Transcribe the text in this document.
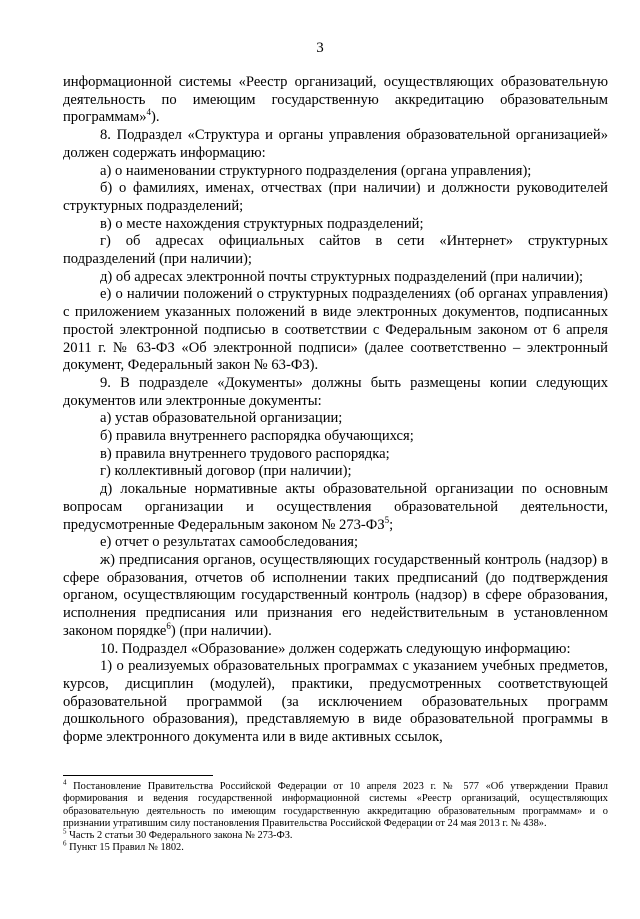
3

информационной системы «Реестр организаций, осуществляющих образовательную деятельность по имеющим государственную аккредитацию образовательным программам»$^4$).

8. Подраздел «Структура и органы управления образовательной организацией» должен содержать информацию:

а) о наименовании структурного подразделения (органа управления);

б) о фамилиях, именах, отчествах (при наличии) и должности руководителей структурных подразделений;

в) о месте нахождения структурных подразделений;

г) об адресах официальных сайтов в сети «Интернет» структурных подразделений (при наличии);

д) об адресах электронной почты структурных подразделений (при наличии);

е) о наличии положений о структурных подразделениях (об органах управления) с приложением указанных положений в виде электронных документов, подписанных простой электронной подписью в соответствии с Федеральным законом от 6 апреля 2011 г. № 63-ФЗ «Об электронной подписи» (далее соответственно – электронный документ, Федеральный закон № 63-ФЗ).

9. В подразделе «Документы» должны быть размещены копии следующих документов или электронные документы:

а) устав образовательной организации;

б) правила внутреннего распорядка обучающихся;

в) правила внутреннего трудового распорядка;

г) коллективный договор (при наличии);

д) локальные нормативные акты образовательной организации по основным вопросам организации и осуществления образовательной деятельности, предусмотренные Федеральным законом № $273-ФЗ^5$;

е) отчет о результатах самообследования;

ж) предписания органов, осуществляющих государственный контроль (надзор) в сфере образования, отчетов об исполнении таких предписаний (до подтверждения органом, осуществляющим государственный контроль (надзор) в сфере образования, исполнения предписания или признания его недействительным в установленном законом порядке$^6$) (при наличии).

10. Подраздел «Образование» должен содержать следующую информацию:

1) о реализуемых образовательных программах с указанием учебных предметов, курсов, дисциплин (модулей), практики, предусмотренных соответствующей образовательной программой (за исключением образовательных программ дошкольного образования), представляемую в виде образовательной программы в форме электронного документа или в виде активных ссылок,

$^4$ Постановление Правительства Российской Федерации от 10 апреля 2023 г. № 577 «Об утверждении Правил формирования и ведения государственной информационной системы «Реестр организаций, осуществляющих образовательную деятельность по имеющим государственную аккредитацию образовательным программам» и о признании утратившим силу постановления Правительства Российской Федерации от 24 мая 2013 г. № 438».

$^5$ Часть 2 статьи 30 Федерального закона № 273-ФЗ.

$^6$ Пункт 15 Правил № 1802.
